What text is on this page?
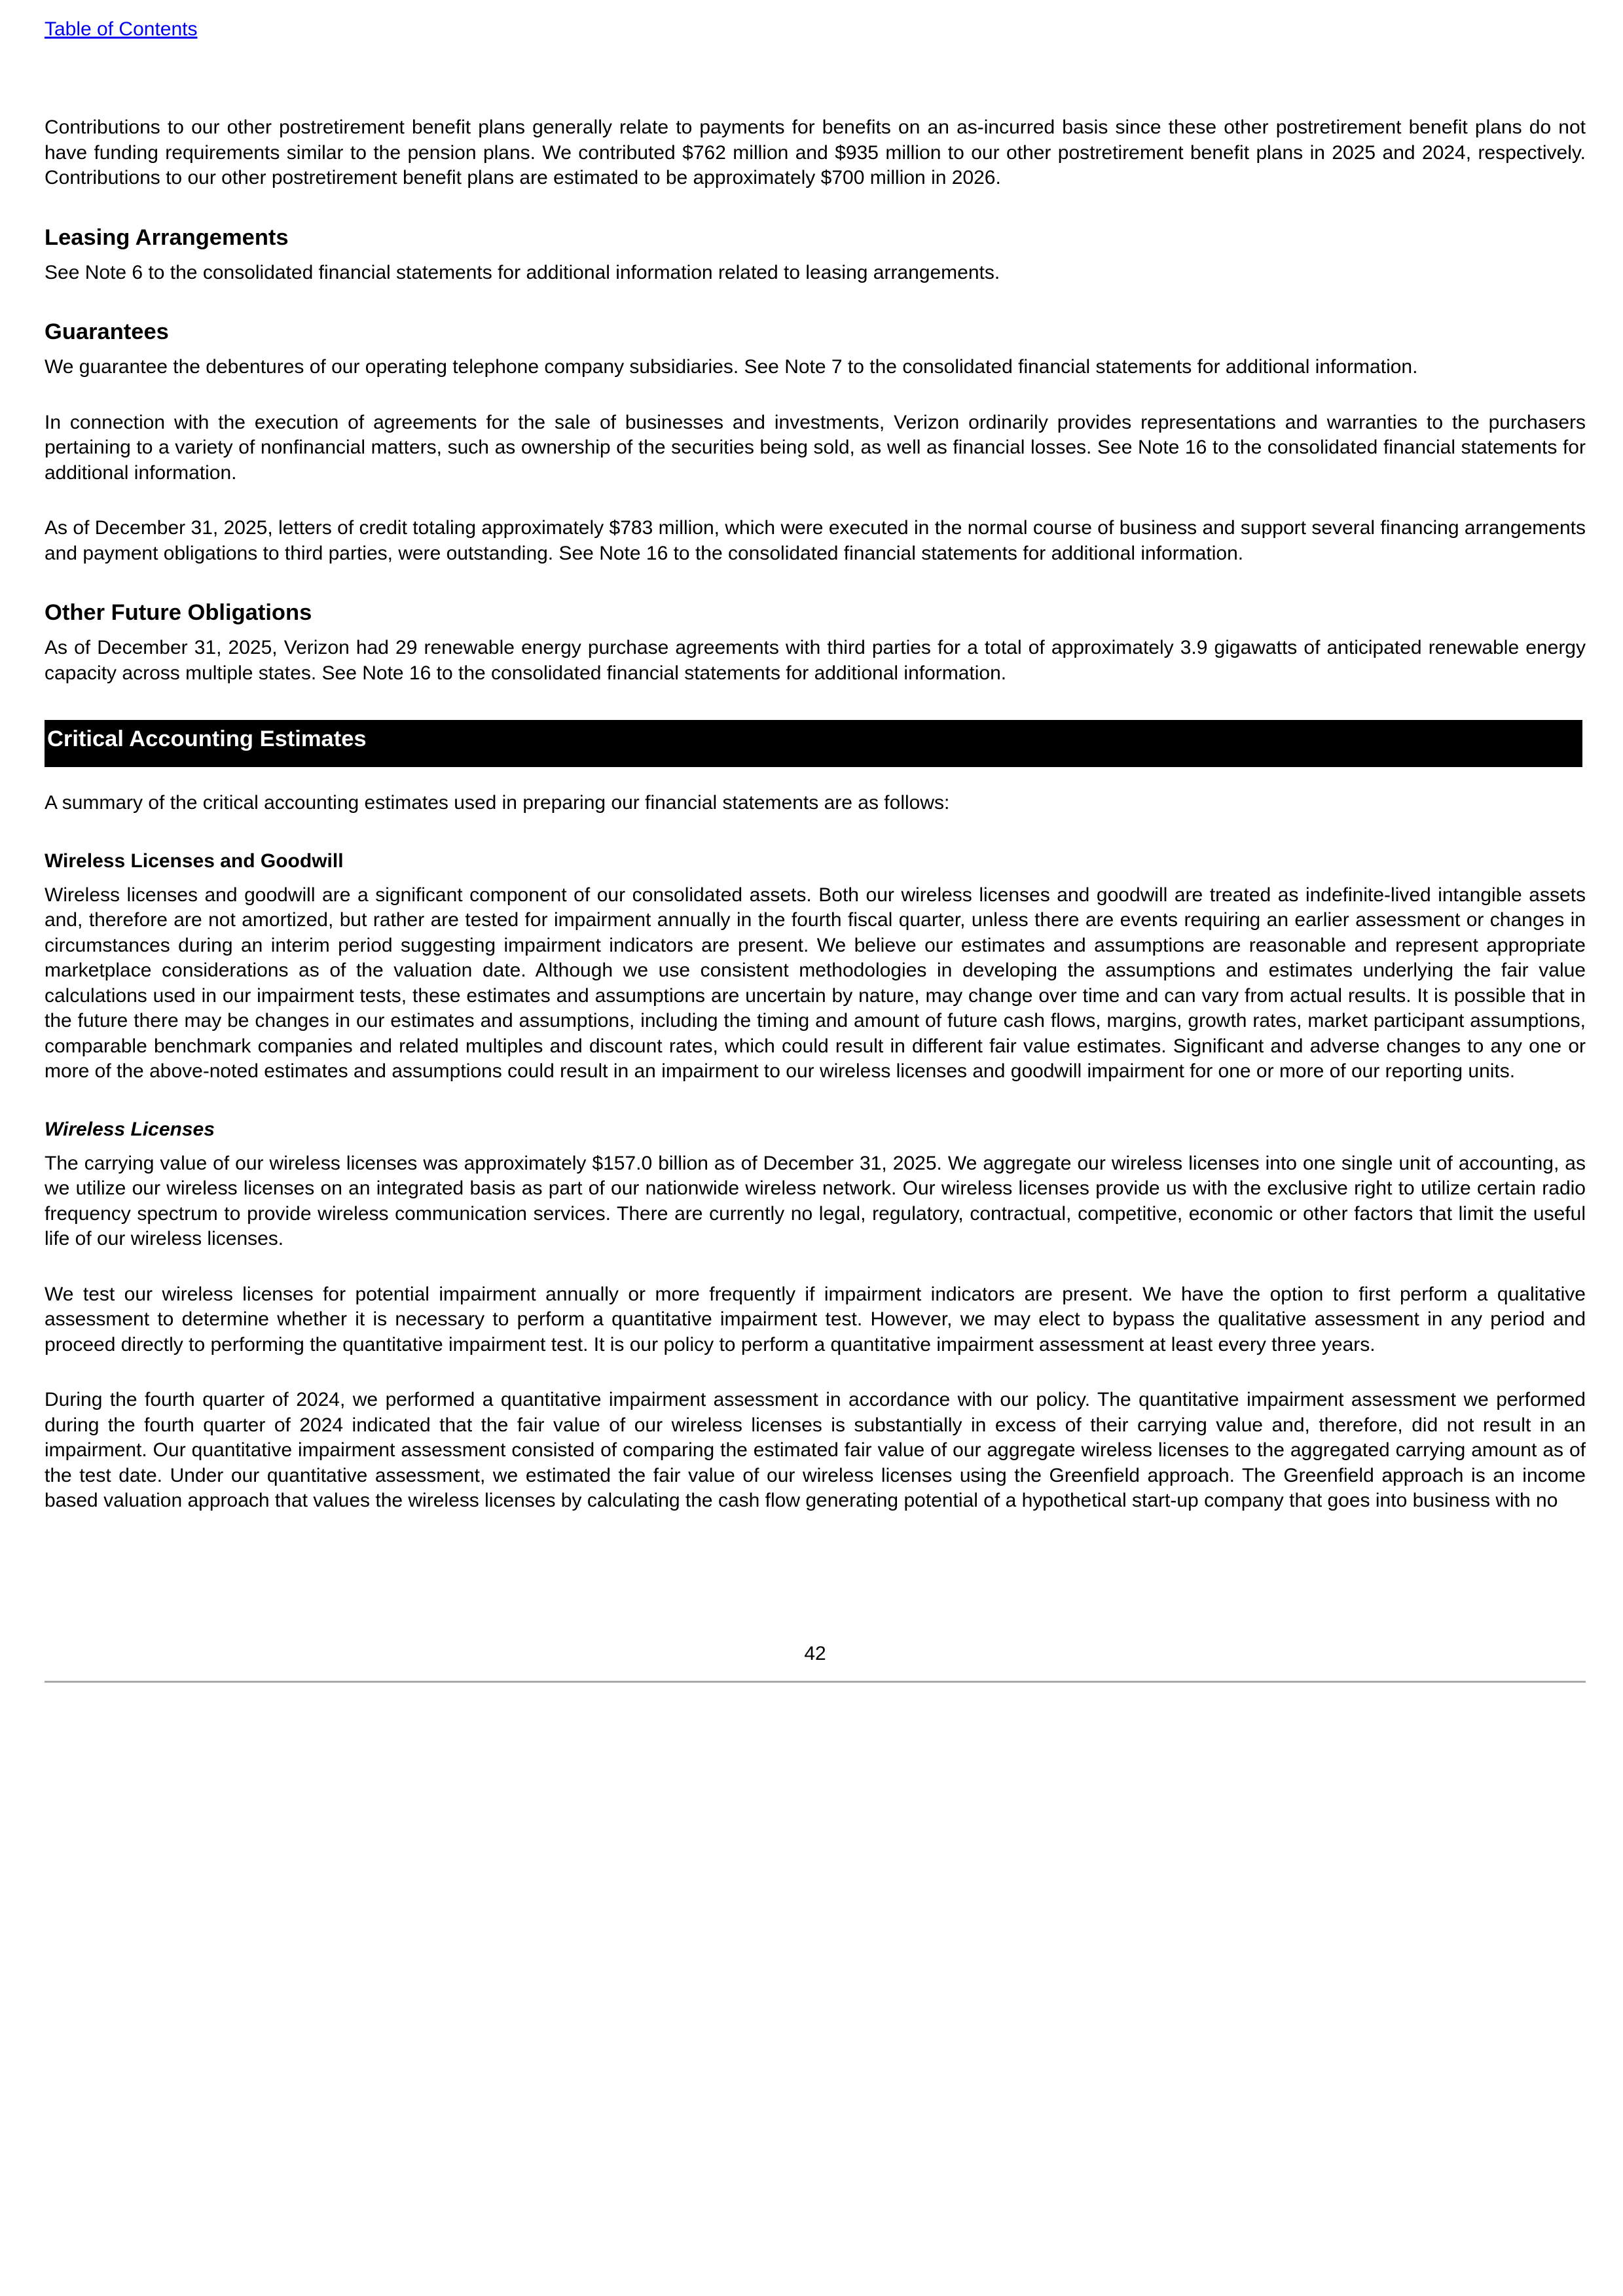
Table of Contents

Contributions to our other postretirement benefit plans generally relate to payments for benefits on an as-incurred basis since these other postretirement benefit plans do not have funding requirements similar to the pension plans. We contributed $762 million and $935 million to our other postretirement benefit plans in 2025 and 2024, respectively. Contributions to our other postretirement benefit plans are estimated to be approximately $700 million in 2026.

Leasing Arrangements

See Note 6 to the consolidated financial statements for additional information related to leasing arrangements.

Guarantees

We guarantee the debentures of our operating telephone company subsidiaries. See Note 7 to the consolidated financial statements for additional information.

In connection with the execution of agreements for the sale of businesses and investments, Verizon ordinarily provides representations and warranties to the purchasers pertaining to a variety of nonfinancial matters, such as ownership of the securities being sold, as well as financial losses. See Note 16 to the consolidated financial statements for additional information.

As of December 31, 2025, letters of credit totaling approximately $783 million, which were executed in the normal course of business and support several financing arrangements and payment obligations to third parties, were outstanding. See Note 16 to the consolidated financial statements for additional information.

Other Future Obligations

As of December 31, 2025, Verizon had 29 renewable energy purchase agreements with third parties for a total of approximately 3.9 gigawatts of anticipated renewable energy capacity across multiple states. See Note 16 to the consolidated financial statements for additional information.

Critical Accounting Estimates

A summary of the critical accounting estimates used in preparing our financial statements are as follows:

Wireless Licenses and Goodwill

Wireless licenses and goodwill are a significant component of our consolidated assets. Both our wireless licenses and goodwill are treated as indefinite-lived intangible assets and, therefore are not amortized, but rather are tested for impairment annually in the fourth fiscal quarter, unless there are events requiring an earlier assessment or changes in circumstances during an interim period suggesting impairment indicators are present. We believe our estimates and assumptions are reasonable and represent appropriate marketplace considerations as of the valuation date. Although we use consistent methodologies in developing the assumptions and estimates underlying the fair value calculations used in our impairment tests, these estimates and assumptions are uncertain by nature, may change over time and can vary from actual results. It is possible that in the future there may be changes in our estimates and assumptions, including the timing and amount of future cash flows, margins, growth rates, market participant assumptions, comparable benchmark companies and related multiples and discount rates, which could result in different fair value estimates. Significant and adverse changes to any one or more of the above-noted estimates and assumptions could result in an impairment to our wireless licenses and goodwill impairment for one or more of our reporting units.

Wireless Licenses

The carrying value of our wireless licenses was approximately $157.0 billion as of December 31, 2025. We aggregate our wireless licenses into one single unit of accounting, as we utilize our wireless licenses on an integrated basis as part of our nationwide wireless network. Our wireless licenses provide us with the exclusive right to utilize certain radio frequency spectrum to provide wireless communication services. There are currently no legal, regulatory, contractual, competitive, economic or other factors that limit the useful life of our wireless licenses.

We test our wireless licenses for potential impairment annually or more frequently if impairment indicators are present. We have the option to first perform a qualitative assessment to determine whether it is necessary to perform a quantitative impairment test. However, we may elect to bypass the qualitative assessment in any period and proceed directly to performing the quantitative impairment test. It is our policy to perform a quantitative impairment assessment at least every three years.

During the fourth quarter of 2024, we performed a quantitative impairment assessment in accordance with our policy. The quantitative impairment assessment we performed during the fourth quarter of 2024 indicated that the fair value of our wireless licenses is substantially in excess of their carrying value and, therefore, did not result in an impairment. Our quantitative impairment assessment consisted of comparing the estimated fair value of our aggregate wireless licenses to the aggregated carrying amount as of the test date. Under our quantitative assessment, we estimated the fair value of our wireless licenses using the Greenfield approach. The Greenfield approach is an income based valuation approach that values the wireless licenses by calculating the cash flow generating potential of a hypothetical start-up company that goes into business with no

42
